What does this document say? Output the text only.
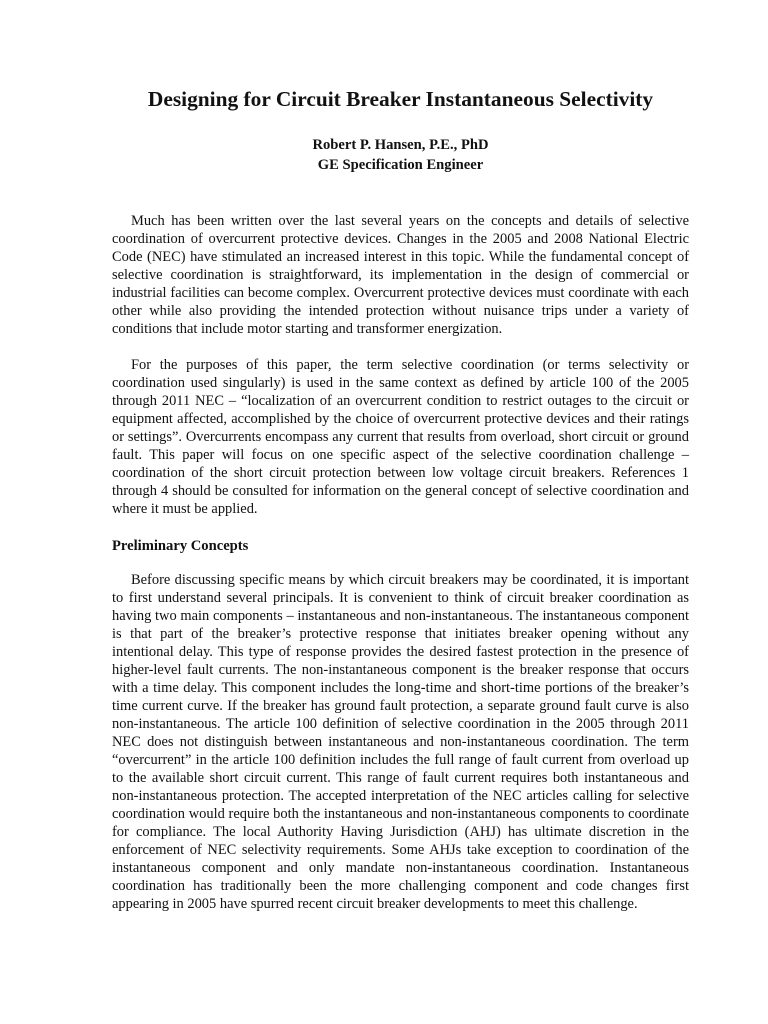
Designing for Circuit Breaker Instantaneous Selectivity
Robert P. Hansen, P.E., PhD
GE Specification Engineer

Much has been written over the last several years on the concepts and details of selective coordination of overcurrent protective devices. Changes in the 2005 and 2008 National Electric Code (NEC) have stimulated an increased interest in this topic. While the fundamental concept of selective coordination is straightforward, its implementation in the design of commercial or industrial facilities can become complex. Overcurrent protective devices must coordinate with each other while also providing the intended protection without nuisance trips under a variety of conditions that include motor starting and transformer energization.

For the purposes of this paper, the term selective coordination (or terms selectivity or coordination used singularly) is used in the same context as defined by article 100 of the 2005 through 2011 NEC – “localization of an overcurrent condition to restrict outages to the circuit or equipment affected, accomplished by the choice of overcurrent protective devices and their ratings or settings”. Overcurrents encompass any current that results from overload, short circuit or ground fault. This paper will focus on one specific aspect of the selective coordination challenge – coordination of the short circuit protection between low voltage circuit breakers. References 1 through 4 should be consulted for information on the general concept of selective coordination and where it must be applied.

Preliminary Concepts

Before discussing specific means by which circuit breakers may be coordinated, it is important to first understand several principals. It is convenient to think of circuit breaker coordination as having two main components – instantaneous and non-instantaneous. The instantaneous component is that part of the breaker’s protective response that initiates breaker opening without any intentional delay. This type of response provides the desired fastest protection in the presence of higher-level fault currents. The non-instantaneous component is the breaker response that occurs with a time delay. This component includes the long-time and short-time portions of the breaker’s time current curve. If the breaker has ground fault protection, a separate ground fault curve is also non-instantaneous. The article 100 definition of selective coordination in the 2005 through 2011 NEC does not distinguish between instantaneous and non-instantaneous coordination. The term “overcurrent” in the article 100 definition includes the full range of fault current from overload up to the available short circuit current. This range of fault current requires both instantaneous and non-instantaneous protection. The accepted interpretation of the NEC articles calling for selective coordination would require both the instantaneous and non-instantaneous components to coordinate for compliance. The local Authority Having Jurisdiction (AHJ) has ultimate discretion in the enforcement of NEC selectivity requirements. Some AHJs take exception to coordination of the instantaneous component and only mandate non-instantaneous coordination. Instantaneous coordination has traditionally been the more challenging component and code changes first appearing in 2005 have spurred recent circuit breaker developments to meet this challenge.
